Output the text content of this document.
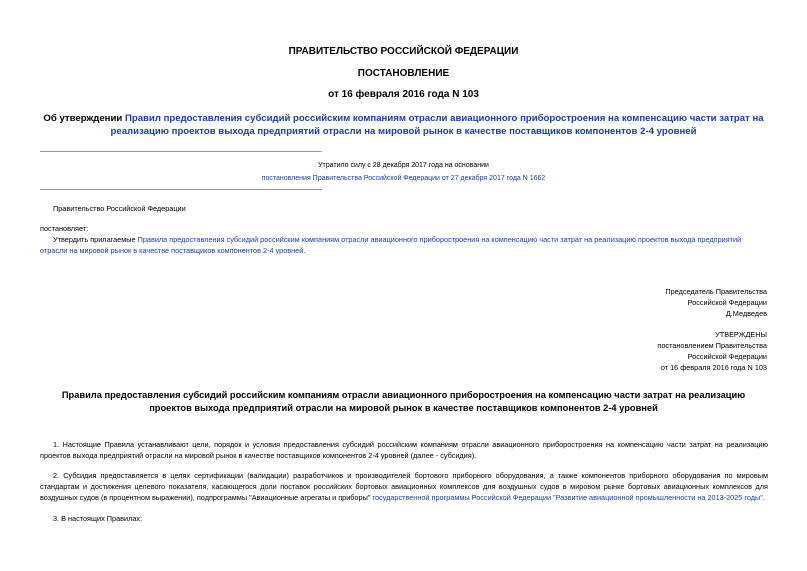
ПРАВИТЕЛЬСТВО РОССИЙСКОЙ ФЕДЕРАЦИИ
ПОСТАНОВЛЕНИЕ
от 16 февраля 2016 года N 103
Об утверждении Правил предоставления субсидий российским компаниям отрасли авиационного приборостроения на компенсацию части затрат на реализацию проектов выхода предприятий отрасли на мировой рынок в качестве поставщиков компонентов 2-4 уровней
Утратило силу с 28 декабря 2017 года на основании
постановления Правительства Российской Федерации от 27 декабря 2017 года N 1662
Правительство Российской Федерации
постановляет:
Утвердить прилагаемые Правила предоставления субсидий российским компаниям отрасли авиационного приборостроения на компенсацию части затрат на реализацию проектов выхода предприятий отрасли на мировой рынок в качестве поставщиков компонентов 2-4 уровней.
Председатель Правительства
Российской Федерации
Д.Медведев
УТВЕРЖДЕНЫ
постановлением Правительства
Российской Федерации
от 16 февраля 2016 года N 103
Правила предоставления субсидий российским компаниям отрасли авиационного приборостроения на компенсацию части затрат на реализацию проектов выхода предприятий отрасли на мировой рынок в качестве поставщиков компонентов 2-4 уровней
1. Настоящие Правила устанавливают цели, порядок и условия предоставления субсидий российским компаниям отрасли авиационного приборостроения на компенсацию части затрат на реализацию проектов выхода предприятий отрасли на мировой рынок в качестве поставщиков компонентов 2-4 уровней (далее - субсидия).
2. Субсидия предоставляется в целях сертификации (валидации) разработчиков и производителей бортового приборного оборудования, а также компонентов приборного оборудования по мировым стандартам и достижения целевого показателя, касающегося доли поставок российских бортовых авиационных комплексов для воздушных судов в мировом рынке бортовых авиационных комплексов для воздушных судов (в процентном выражении), подпрограммы "Авиационные агрегаты и приборы" государственной программы Российской Федерации "Развитие авиационной промышленности на 2013-2025 годы".
3. В настоящих Правилах:
